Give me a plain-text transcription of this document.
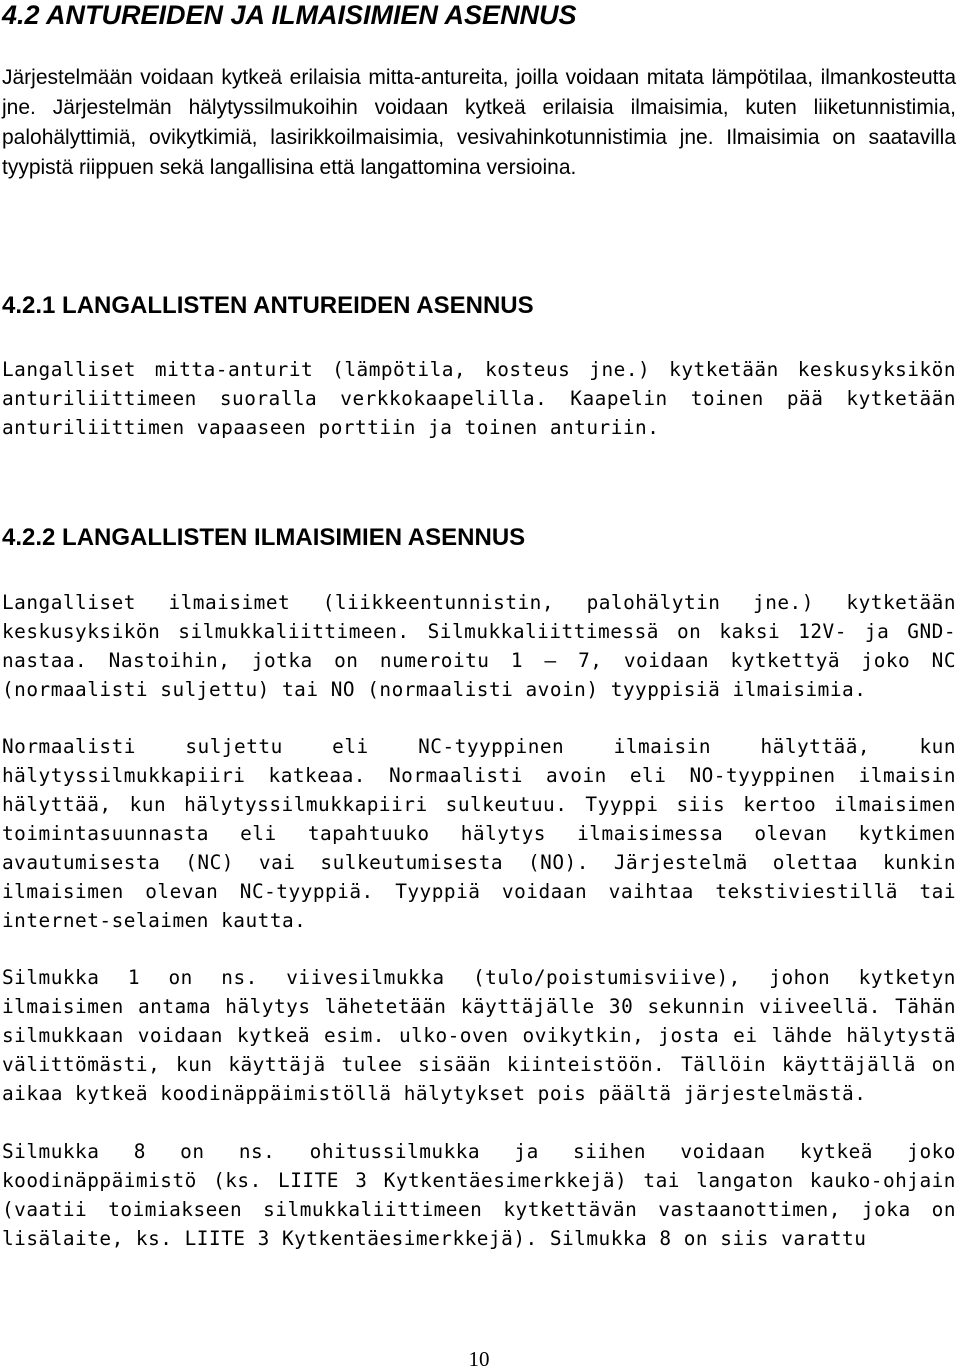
4.2 ANTUREIDEN JA ILMAISIMIEN ASENNUS

Järjestelmään voidaan kytkeä erilaisia mitta-antureita, joilla voidaan mitata lämpötilaa, ilmankosteutta jne. Järjestelmän hälytyssilmukoihin voidaan kytkeä erilaisia ilmaisimia, kuten liiketunnistimia, palohälyttimiä, ovikytkimiä, lasirikkoilmaisimia, vesivahinkotunnistimia jne. Ilmaisimia on saatavilla tyypistä riippuen sekä langallisina että langattomina versioina.

4.2.1 LANGALLISTEN ANTUREIDEN ASENNUS

Langalliset mitta-anturit (lämpötila, kosteus jne.) kytketään keskusyksikön anturiliittimeen suoralla verkkokaapelilla. Kaapelin toinen pää kytketään anturiliittimen vapaaseen porttiin ja toinen anturiin.

4.2.2 LANGALLISTEN ILMAISIMIEN ASENNUS

Langalliset ilmaisimet (liikkeentunnistin, palohälytin jne.) kytketään keskusyksikön silmukkaliittimeen. Silmukkaliittimessä on kaksi 12V- ja GND-nastaa. Nastoihin, jotka on numeroitu 1 – 7, voidaan kytkettyä joko NC (normaalisti suljettu) tai NO (normaalisti avoin) tyyppisiä ilmaisimia.

Normaalisti suljettu eli NC-tyyppinen ilmaisin hälyttää, kun hälytyssilmukkapiiri katkeaa. Normaalisti avoin eli NO-tyyppinen ilmaisin hälyttää, kun hälytyssilmukkapiiri sulkeutuu. Tyyppi siis kertoo ilmaisimen toimintasuunnasta eli tapahtuuko hälytys ilmaisimessa olevan kytkimen avautumisesta (NC) vai sulkeutumisesta (NO). Järjestelmä olettaa kunkin ilmaisimen olevan NC-tyyppiä. Tyyppiä voidaan vaihtaa tekstiviestillä tai internet-selaimen kautta.

Silmukka 1 on ns. viivesilmukka (tulo/poistumisviive), johon kytketyn ilmaisimen antama hälytys lähetetään käyttäjälle 30 sekunnin viiveellä. Tähän silmukkaan voidaan kytkeä esim. ulko-oven ovikytkin, josta ei lähde hälytystä välittömästi, kun käyttäjä tulee sisään kiinteistöön. Tällöin käyttäjällä on aikaa kytkeä koodinäppäimistöllä hälytykset pois päältä järjestelmästä.

Silmukka 8 on ns. ohitussilmukka ja siihen voidaan kytkeä joko koodinäppäimistö (ks. LIITE 3 Kytkentäesimerkkejä) tai langaton kauko-ohjain (vaatii toimiakseen silmukkaliittimeen kytkettävän vastaanottimen, joka on lisälaite, ks. LIITE 3 Kytkentäesimerkkejä). Silmukka 8 on siis varattu

10
